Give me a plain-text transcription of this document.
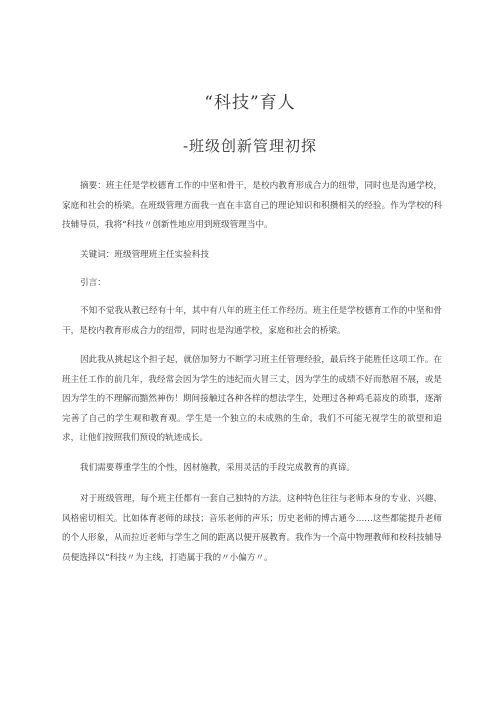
“科技”育人
-班级创新管理初探

摘要：班主任是学校德育工作的中坚和骨干，是校内教育形成合力的纽带，同时也是沟通学校，家庭和社会的桥梁。在班级管理方面我一直在丰富自己的理论知识和积攒相关的经验。作为学校的科技辅导员，我将“科技〃创新性地应用到班级管理当中。

关键词：班级管理班主任实验科技

引言：

不知不觉我从教已经有十年，其中有八年的班主任工作经历。班主任是学校德育工作的中坚和骨干，是校内教育形成合力的纽带，同时也是沟通学校，家庭和社会的桥梁。

因此我从挑起这个担子起，就倍加努力不断学习班主任管理经验，最后终于能胜任这项工作。在班主任工作的前几年，我经常会因为学生的违纪而火冒三丈，因为学生的成绩不好而愁眉不展，或是因为学生的不理解而黯然神伤！期间接触过各种各样的想法学生，处理过各种鸡毛蒜皮的琐事，逐渐完善了自己的学生观和教育观。学生是一个独立的未成熟的生命，我们不可能无视学生的欲望和追求，让他们按照我们预设的轨迹成长。

我们需要尊重学生的个性，因材施教，采用灵活的手段完成教育的真谛。

对于班级管理，每个班主任都有一套自己独特的方法。这种特色往往与老师本身的专业、兴趣、风格密切相关。比如体育老师的球技；音乐老师的声乐；历史老师的博古通今……这些都能提升老师的个人形象，从而拉近老师与学生之间的距离以便开展教育。我作为一个高中物理教师和校科技辅导员便选择以“科技〃为主线，打造属于我的〃小偏方〃。
